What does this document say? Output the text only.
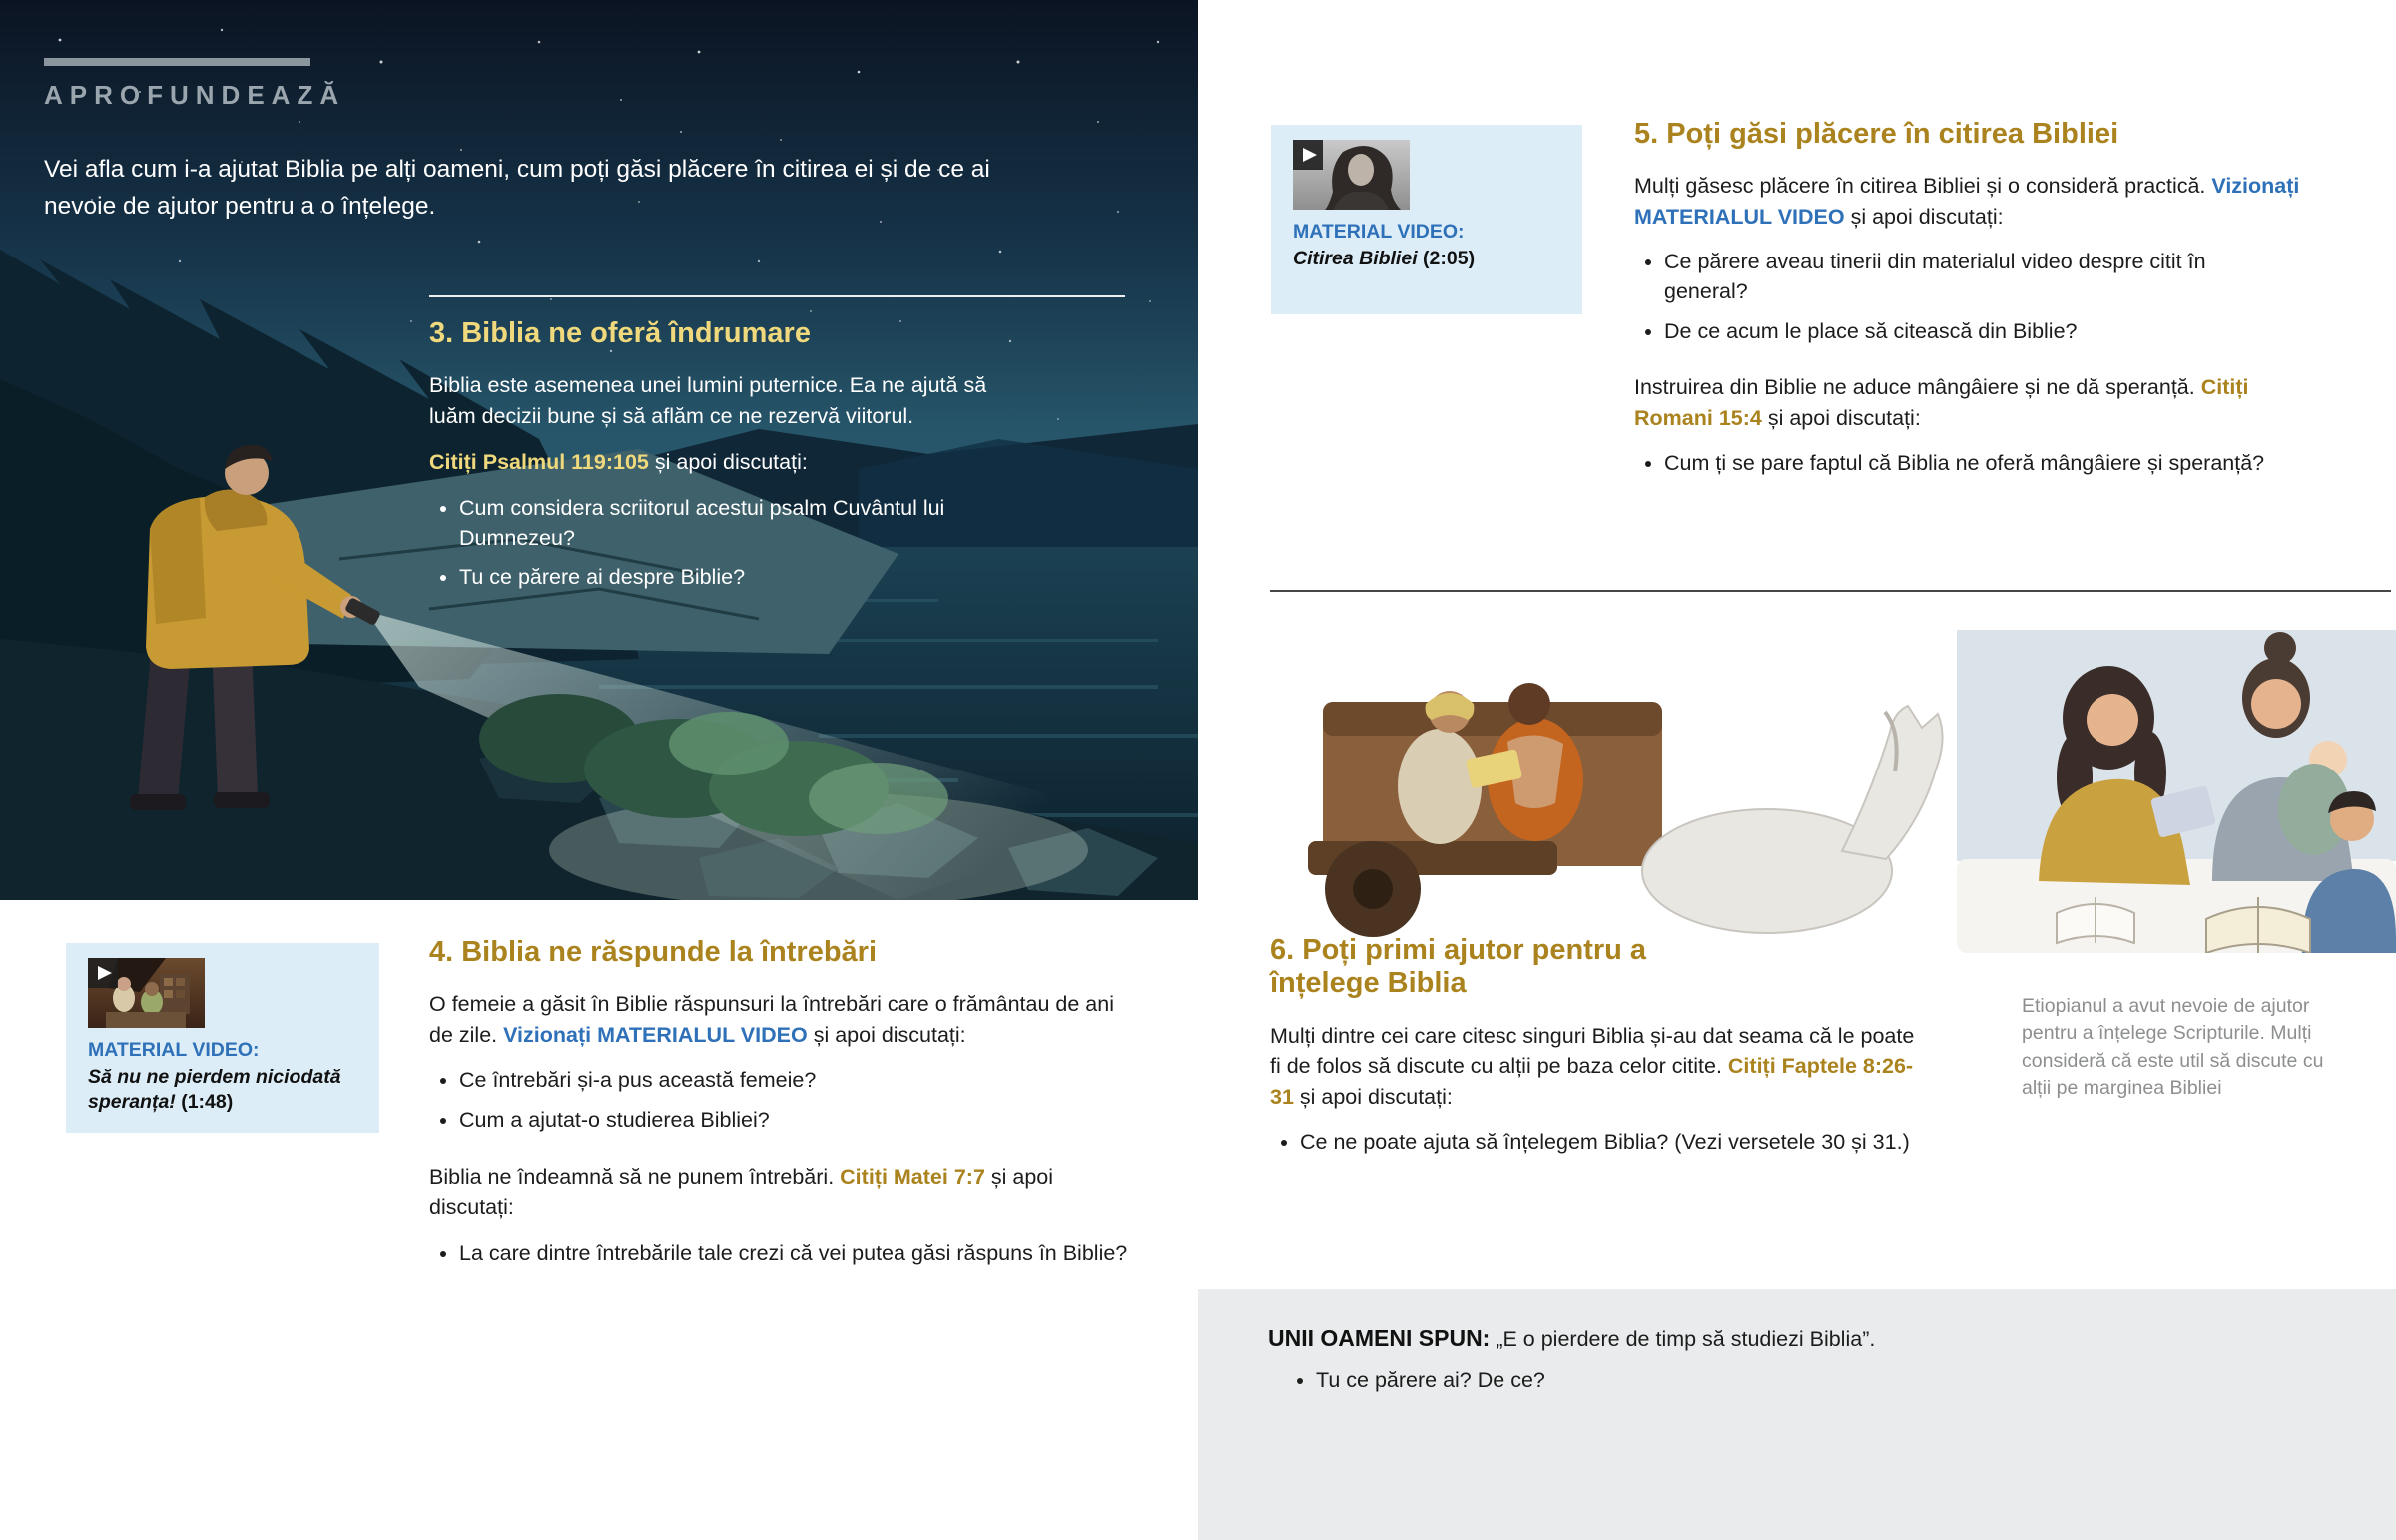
APROFUNDEAZĂ
Vei afla cum i-a ajutat Biblia pe alți oameni, cum poți găsi plăcere în citirea ei și de ce ai nevoie de ajutor pentru a o înțelege.
3. Biblia ne oferă îndrumare

Biblia este asemenea unei lumini puternice. Ea ne ajută să luăm decizii bune și să aflăm ce ne rezervă viitorul.

Citiți Psalmul 119:105 și apoi discutați:

• Cum considera scriitorul acestui psalm Cuvântul lui Dumnezeu?
• Tu ce părere ai despre Biblie?
MATERIAL VIDEO:
Să nu ne pierdem niciodată speranța! (1:48)
4. Biblia ne răspunde la întrebări

O femeie a găsit în Biblie răspunsuri la întrebări care o frământau de ani de zile. Vizionați MATERIALUL VIDEO și apoi discutați:

• Ce întrebări și-a pus această femeie?
• Cum a ajutat-o studierea Bibliei?

Biblia ne îndeamnă să ne punem întrebări. Citiți Matei 7:7 și apoi discutați:

• La care dintre întrebările tale crezi că vei putea găsi răspuns în Biblie?
MATERIAL VIDEO:
Citirea Bibliei (2:05)
5. Poți găsi plăcere în citirea Bibliei

Mulți găsesc plăcere în citirea Bibliei și o consideră practică. Vizionați MATERIALUL VIDEO și apoi discutați:

• Ce părere aveau tinerii din materialul video despre citit în general?
• De ce acum le place să citească din Biblie?

Instruirea din Biblie ne aduce mângâiere și ne dă speranță. Citiți Romani 15:4 și apoi discutați:

• Cum ți se pare faptul că Biblia ne oferă mângâiere și speranță?
6. Poți primi ajutor pentru a înțelege Biblia

Mulți dintre cei care citesc singuri Biblia și-au dat seama că le poate fi de folos să discute cu alții pe baza celor citite. Citiți Faptele 8:26-31 și apoi discutați:

• Ce ne poate ajuta să înțelegem Biblia? (Vezi versetele 30 și 31.)
Etiopianul a avut nevoie de ajutor pentru a înțelege Scripturile. Mulți consideră că este util să discute cu alții pe marginea Bibliei
UNII OAMENI SPUN: „E o pierdere de timp să studiezi Biblia”.
• Tu ce părere ai? De ce?
